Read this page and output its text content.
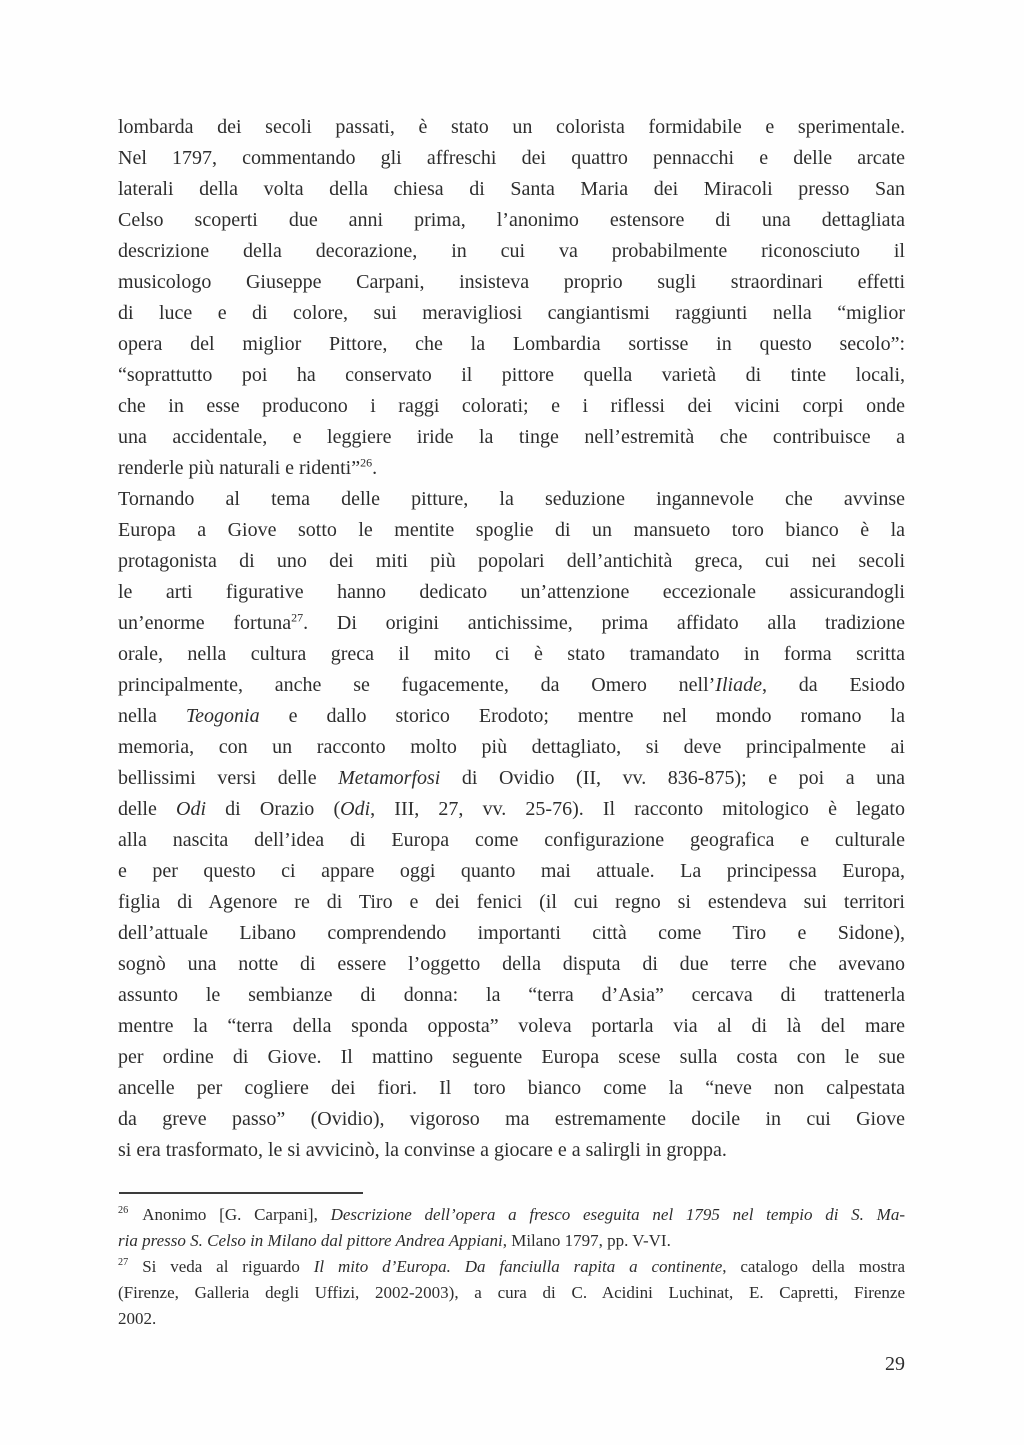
lombarda dei secoli passati, è stato un colorista formidabile e sperimentale.
Nel 1797, commentando gli affreschi dei quattro pennacchi e delle arcate
laterali della volta della chiesa di Santa Maria dei Miracoli presso San
Celso scoperti due anni prima, l’anonimo estensore di una dettagliata
descrizione della decorazione, in cui va probabilmente riconosciuto il
musicologo Giuseppe Carpani, insisteva proprio sugli straordinari effetti
di luce e di colore, sui meravigliosi cangiantismi raggiunti nella “miglior
opera del miglior Pittore, che la Lombardia sortisse in questo secolo”:
“soprattutto poi ha conservato il pittore quella varietà di tinte locali,
che in esse producono i raggi colorati; e i riflessi dei vicini corpi onde
una accidentale, e leggiere iride la tinge nell’estremità che contribuisce a
renderle più naturali e ridenti”$^{26}$.
Tornando al tema delle pitture, la seduzione ingannevole che avvinse
Europa a Giove sotto le mentite spoglie di un mansueto toro bianco è la
protagonista di uno dei miti più popolari dell’antichità greca, cui nei secoli
le arti figurative hanno dedicato un’attenzione eccezionale assicurandogli
un’enorme fortuna$^{27}$. Di origini antichissime, prima affidato alla tradizione
orale, nella cultura greca il mito ci è stato tramandato in forma scritta
principalmente, anche se fugacemente, da Omero nell’Iliade, da Esiodo
nella Teogonia e dallo storico Erodoto; mentre nel mondo romano la
memoria, con un racconto molto più dettagliato, si deve principalmente ai
bellissimi versi delle Metamorfosi di Ovidio (II, vv. 836-875); e poi a una
delle Odi di Orazio (Odi, III, 27, vv. 25-76). Il racconto mitologico è legato
alla nascita dell’idea di Europa come configurazione geografica e culturale
e per questo ci appare oggi quanto mai attuale. La principessa Europa,
figlia di Agenore re di Tiro e dei fenici (il cui regno si estendeva sui territori
dell’attuale Libano comprendendo importanti città come Tiro e Sidone),
sognò una notte di essere l’oggetto della disputa di due terre che avevano
assunto le sembianze di donna: la “terra d’Asia” cercava di trattenerla
mentre la “terra della sponda opposta” voleva portarla via al di là del mare
per ordine di Giove. Il mattino seguente Europa scese sulla costa con le sue
ancelle per cogliere dei fiori. Il toro bianco come la “neve non calpestata
da greve passo” (Ovidio), vigoroso ma estremamente docile in cui Giove
si era trasformato, le si avvicinò, la convinse a giocare e a salirgli in groppa.
$^{26}$ Anonimo [G. Carpani], Descrizione dell’opera a fresco eseguita nel 1795 nel tempio di S. Ma-
ria presso S. Celso in Milano dal pittore Andrea Appiani, Milano 1797, pp. V-VI.
$^{27}$ Si veda al riguardo Il mito d’Europa. Da fanciulla rapita a continente, catalogo della mostra
(Firenze, Galleria degli Uffizi, 2002-2003), a cura di C. Acidini Luchinat, E. Capretti, Firenze
2002.
29
